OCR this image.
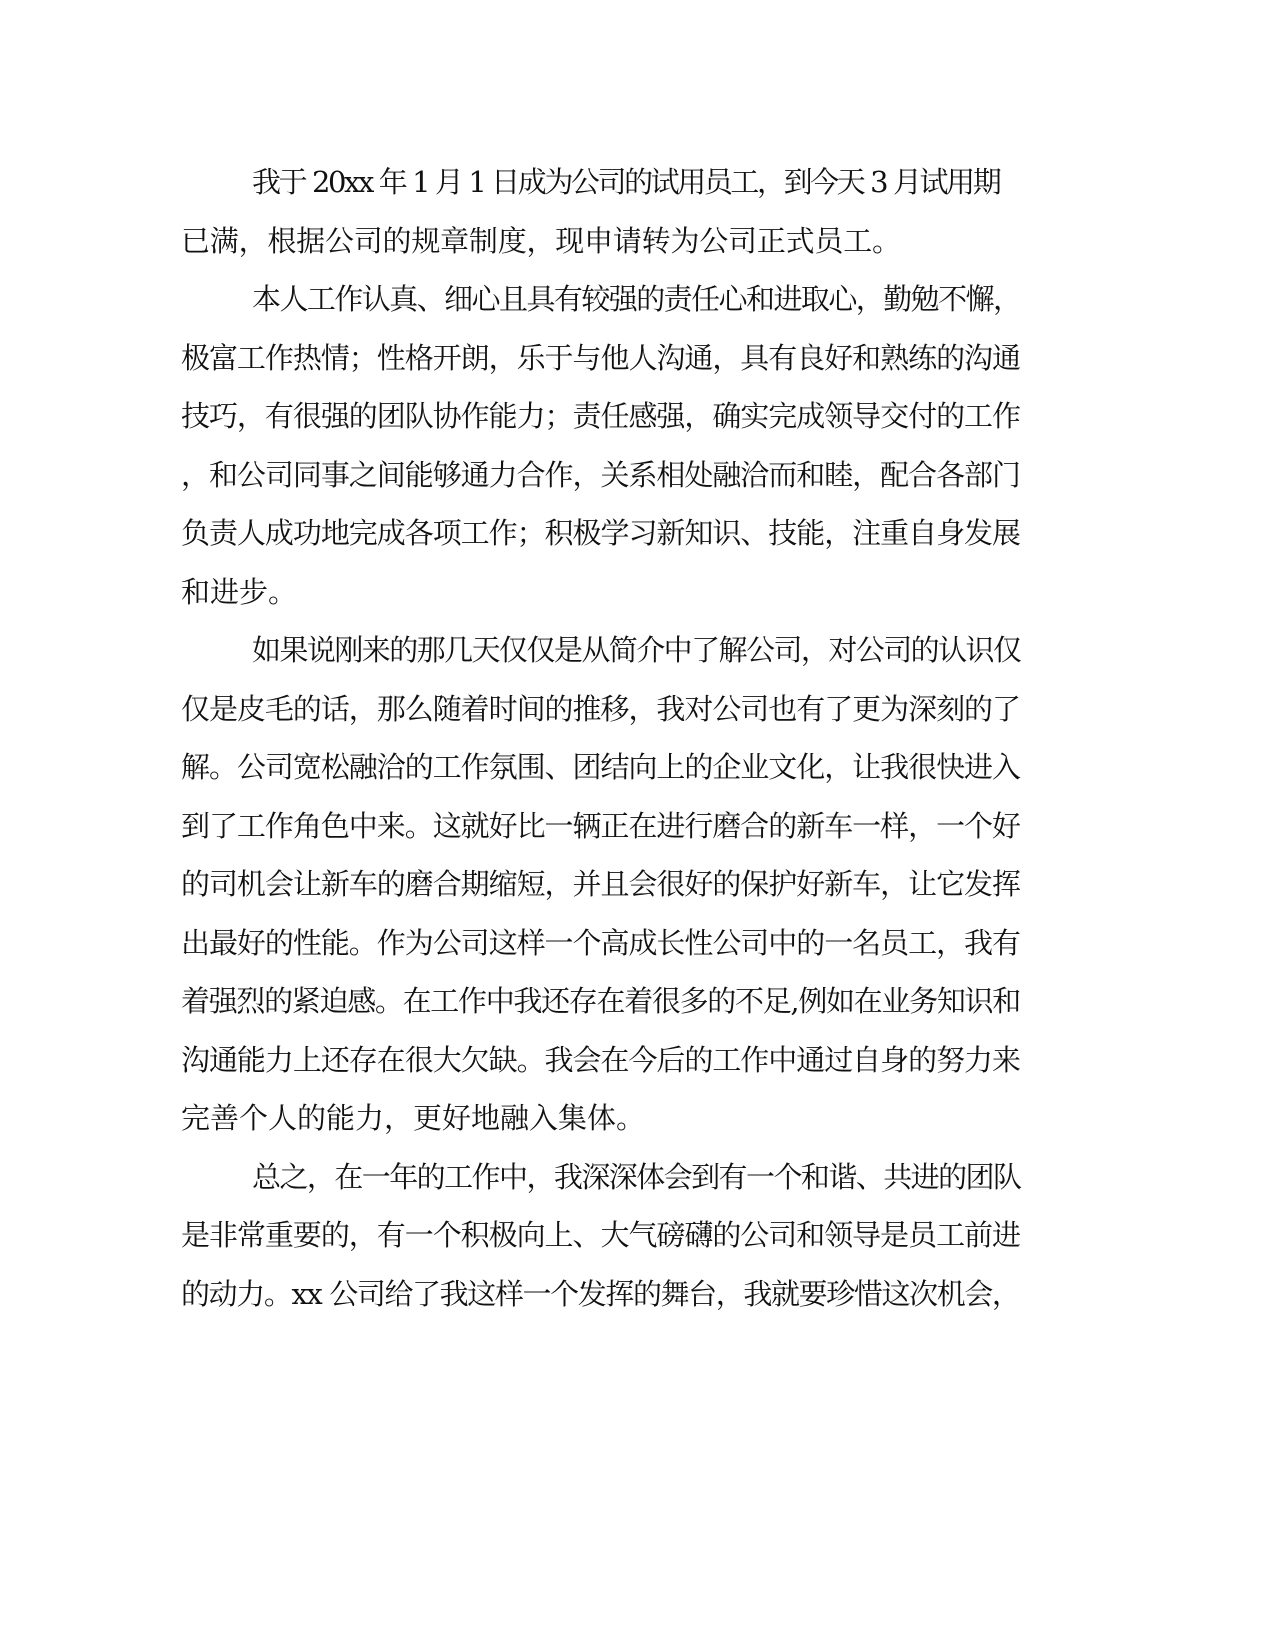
我于 20xx 年 1 月 1 日成为公司的试用员工，到今天 3 月试用期

已满，根据公司的规章制度，现申请转为公司正式员工。

本人工作认真、细心且具有较强的责任心和进取心，勤勉不懈，

极富工作热情；性格开朗，乐于与他人沟通，具有良好和熟练的沟通

技巧，有很强的团队协作能力；责任感强，确实完成领导交付的工作

，和公司同事之间能够通力合作，关系相处融洽而和睦，配合各部门

负责人成功地完成各项工作；积极学习新知识、技能，注重自身发展

和进步。

如果说刚来的那几天仅仅是从简介中了解公司，对公司的认识仅

仅是皮毛的话，那么随着时间的推移，我对公司也有了更为深刻的了

解。公司宽松融洽的工作氛围、团结向上的企业文化，让我很快进入

到了工作角色中来。这就好比一辆正在进行磨合的新车一样，一个好

的司机会让新车的磨合期缩短，并且会很好的保护好新车，让它发挥

出最好的性能。作为公司这样一个高成长性公司中的一名员工，我有

着强烈的紧迫感。在工作中我还存在着很多的不足,例如在业务知识和

沟通能力上还存在很大欠缺。我会在今后的工作中通过自身的努力来

完善个人的能力，更好地融入集体。

总之，在一年的工作中，我深深体会到有一个和谐、共进的团队

是非常重要的，有一个积极向上、大气磅礴的公司和领导是员工前进

的动力。xx 公司给了我这样一个发挥的舞台，我就要珍惜这次机会，
